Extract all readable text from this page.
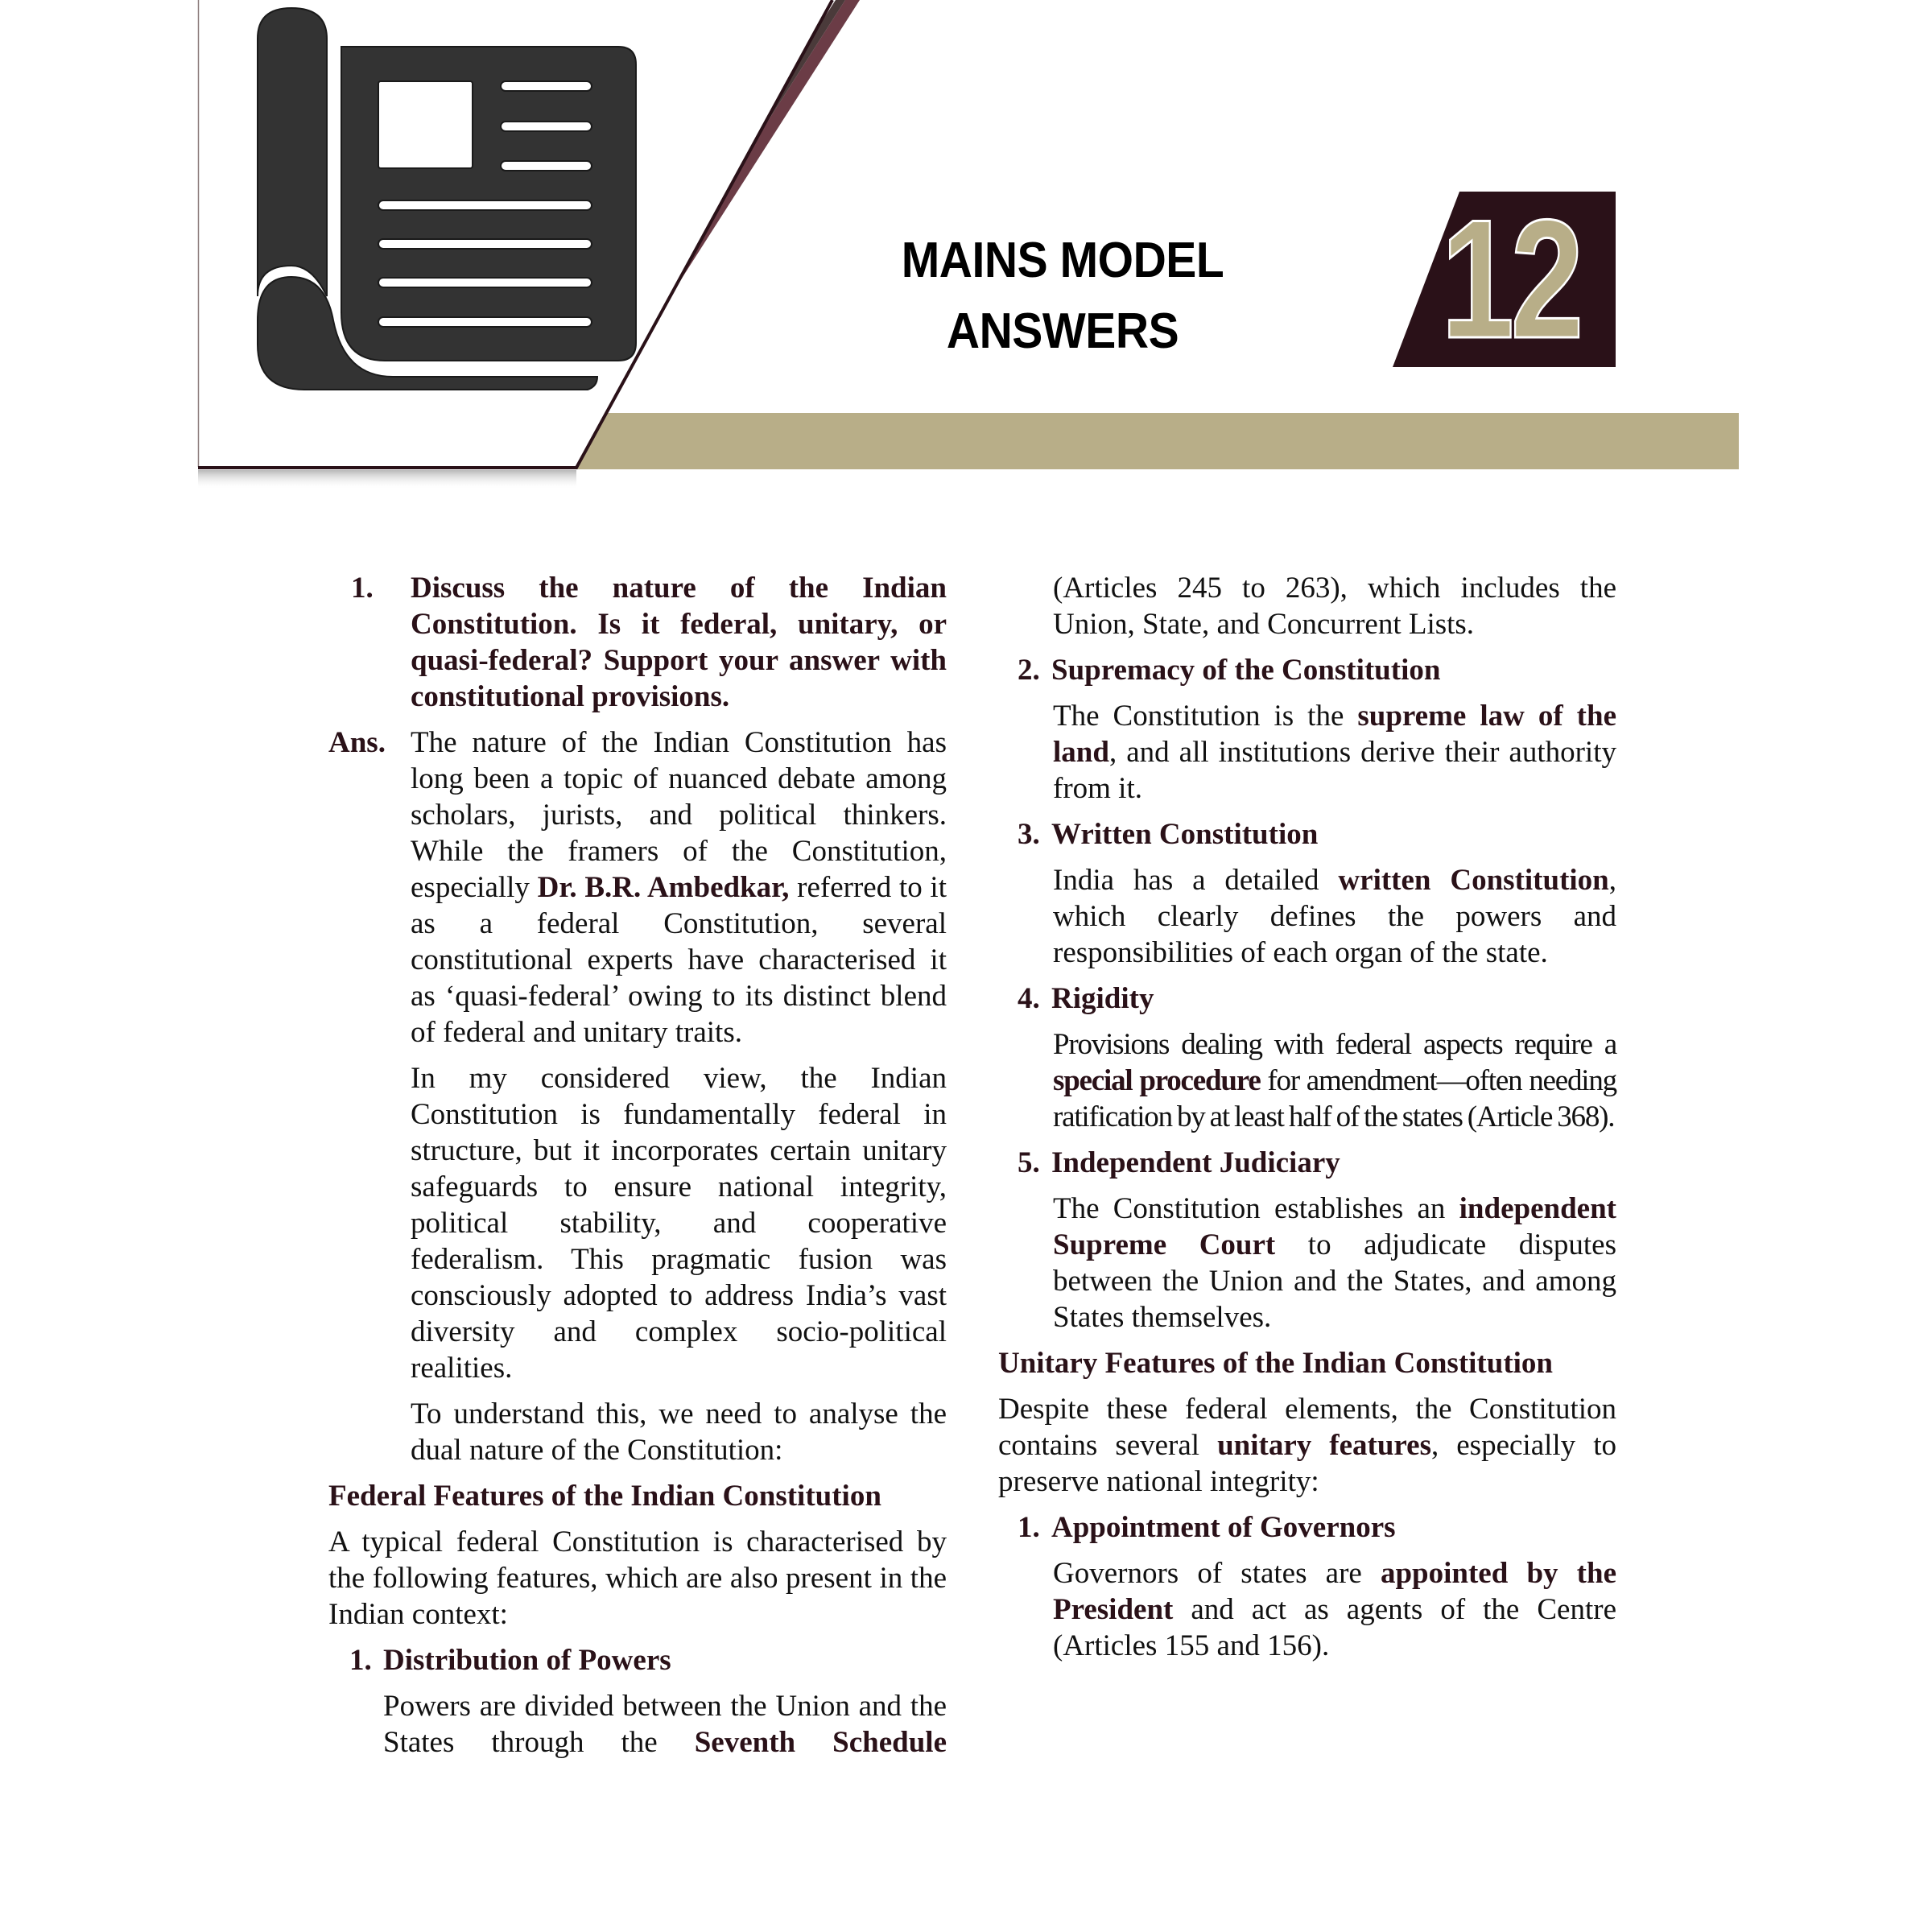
MAINS MODEL
ANSWERS	12
1.	Discuss the nature of the Indian Constitution. Is it federal, unitary, or quasi-federal? Support your answer with constitutional provisions.
Ans. The nature of the Indian Constitution has long been a topic of nuanced debate among scholars, jurists, and political thinkers. While the framers of the Constitution, especially Dr. B.R. Ambedkar, referred to it as a federal Constitution, several constitutional experts have characterised it as ‘quasi-federal’ owing to its distinct blend of federal and unitary traits.
In my considered view, the Indian Constitution is fundamentally federal in structure, but it incorporates certain unitary safeguards to ensure national integrity, political stability, and cooperative federalism. This pragmatic fusion was consciously adopted to address India’s vast diversity and complex socio-political realities.
To understand this, we need to analyse the dual nature of the Constitution:
Federal Features of the Indian Constitution
A typical federal Constitution is characterised by the following features, which are also present in the Indian context:
1. Distribution of Powers
Powers are divided between the Union and the States through the Seventh Schedule
(Articles 245 to 263), which includes the Union, State, and Concurrent Lists.
2. Supremacy of the Constitution
The Constitution is the supreme law of the land, and all institutions derive their authority from it.
3. Written Constitution
India has a detailed written Constitution, which clearly defines the powers and responsibilities of each organ of the state.
4. Rigidity
Provisions dealing with federal aspects require a special procedure for amendment—often needing ratification by at least half of the states (Article 368).
5. Independent Judiciary
The Constitution establishes an independent Supreme Court to adjudicate disputes between the Union and the States, and among States themselves.
Unitary Features of the Indian Constitution
Despite these federal elements, the Constitution contains several unitary features, especially to preserve national integrity:
1. Appointment of Governors
Governors of states are appointed by the President and act as agents of the Centre (Articles 155 and 156).
